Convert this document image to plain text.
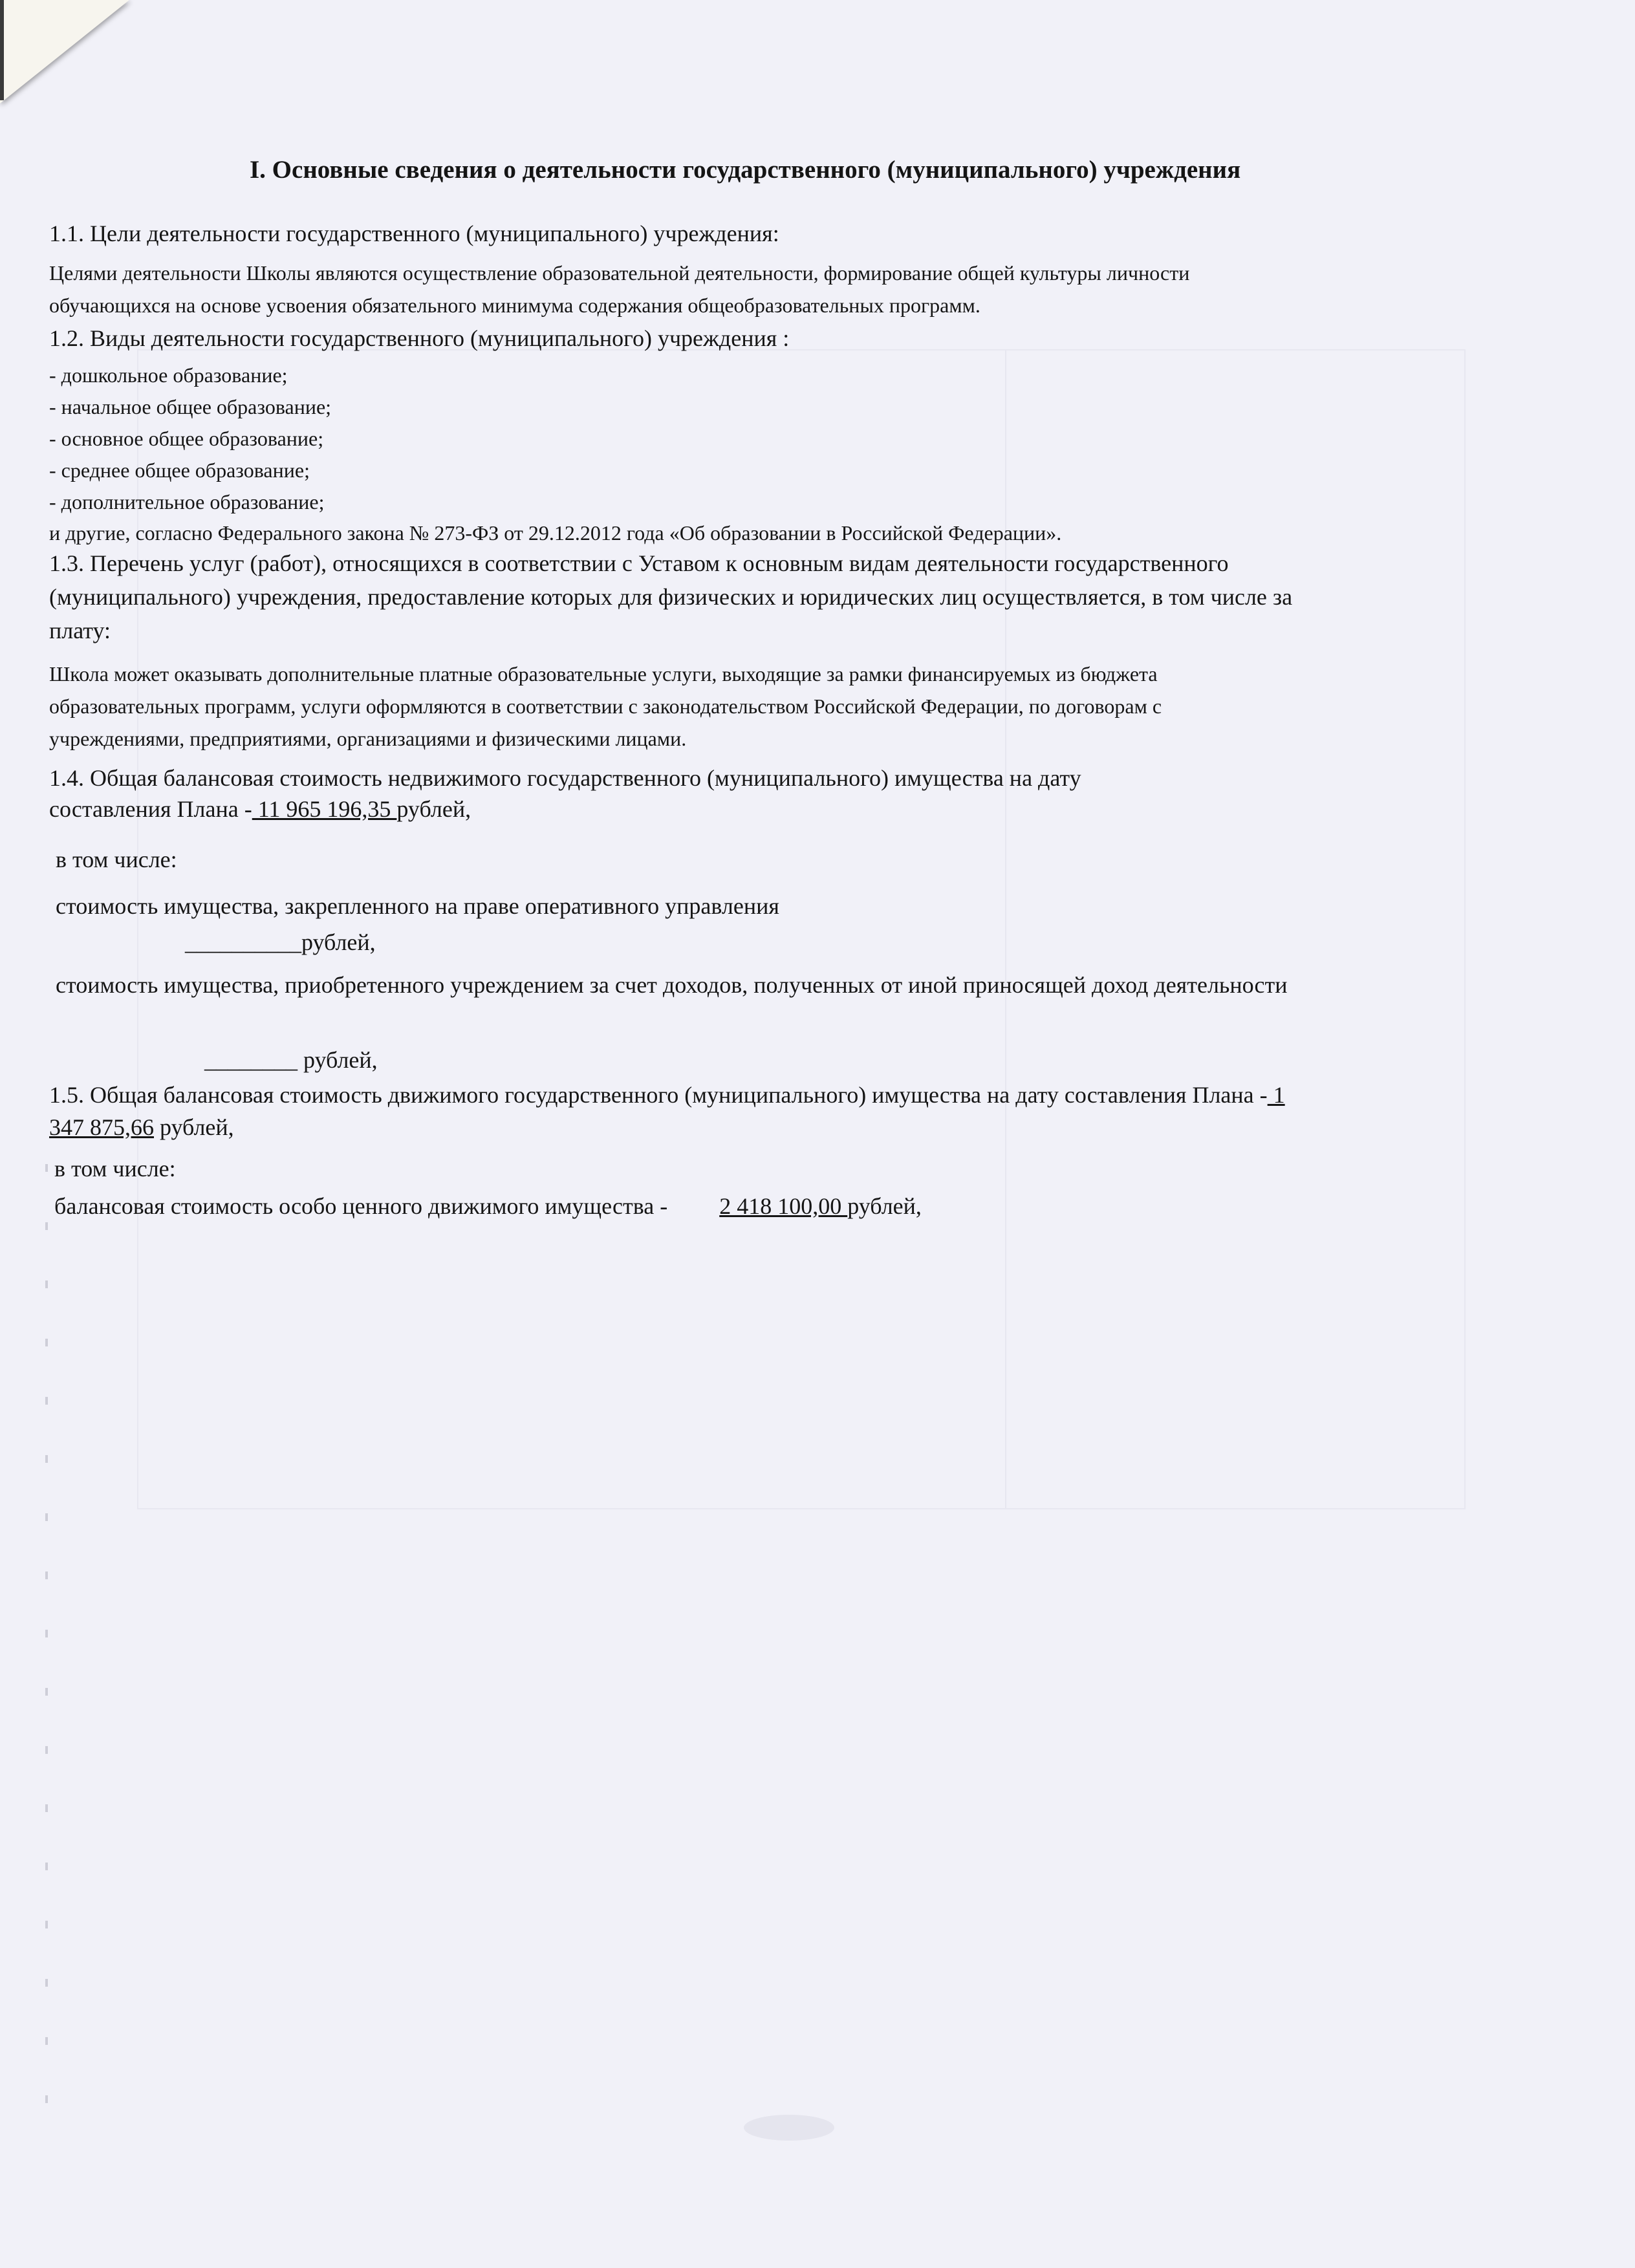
I. Основные сведения о деятельности государственного (муниципального) учреждения
1.1. Цели деятельности государственного (муниципального) учреждения:
Целями деятельности Школы являются осуществление образовательной деятельности, формирование общей культуры личности
обучающихся на основе усвоения обязательного минимума содержания общеобразовательных программ.
1.2. Виды деятельности государственного (муниципального) учреждения :
- дошкольное образование;
- начальное общее образование;
- основное общее образование;
- среднее общее образование;
- дополнительное образование;
и другие, согласно Федерального закона № 273-ФЗ от 29.12.2012 года «Об образовании в Российской Федерации».
1.3. Перечень услуг (работ), относящихся в соответствии с Уставом к основным видам деятельности государственного
(муниципального) учреждения, предоставление которых для физических и юридических лиц осуществляется, в том числе за
плату:
Школа может оказывать дополнительные платные образовательные услуги, выходящие за рамки финансируемых из бюджета
образовательных программ, услуги оформляются в соответствии с законодательством Российской Федерации, по договорам с
учреждениями, предприятиями, организациями и физическими лицами.
1.4. Общая балансовая стоимость недвижимого государственного (муниципального) имущества на дату
составления Плана - 11 965 196,35 рублей,
в том числе:
стоимость имущества, закрепленного на праве оперативного управления
__________рублей,
стоимость имущества, приобретенного учреждением за счет доходов, полученных от иной приносящей доход деятельности
________ рублей,
1.5. Общая балансовая стоимость движимого государственного (муниципального) имущества на дату составления Плана - 1
347 875,66 рублей,
в том числе:
балансовая стоимость особо ценного движимого имущества - 2 418 100,00 рублей,
